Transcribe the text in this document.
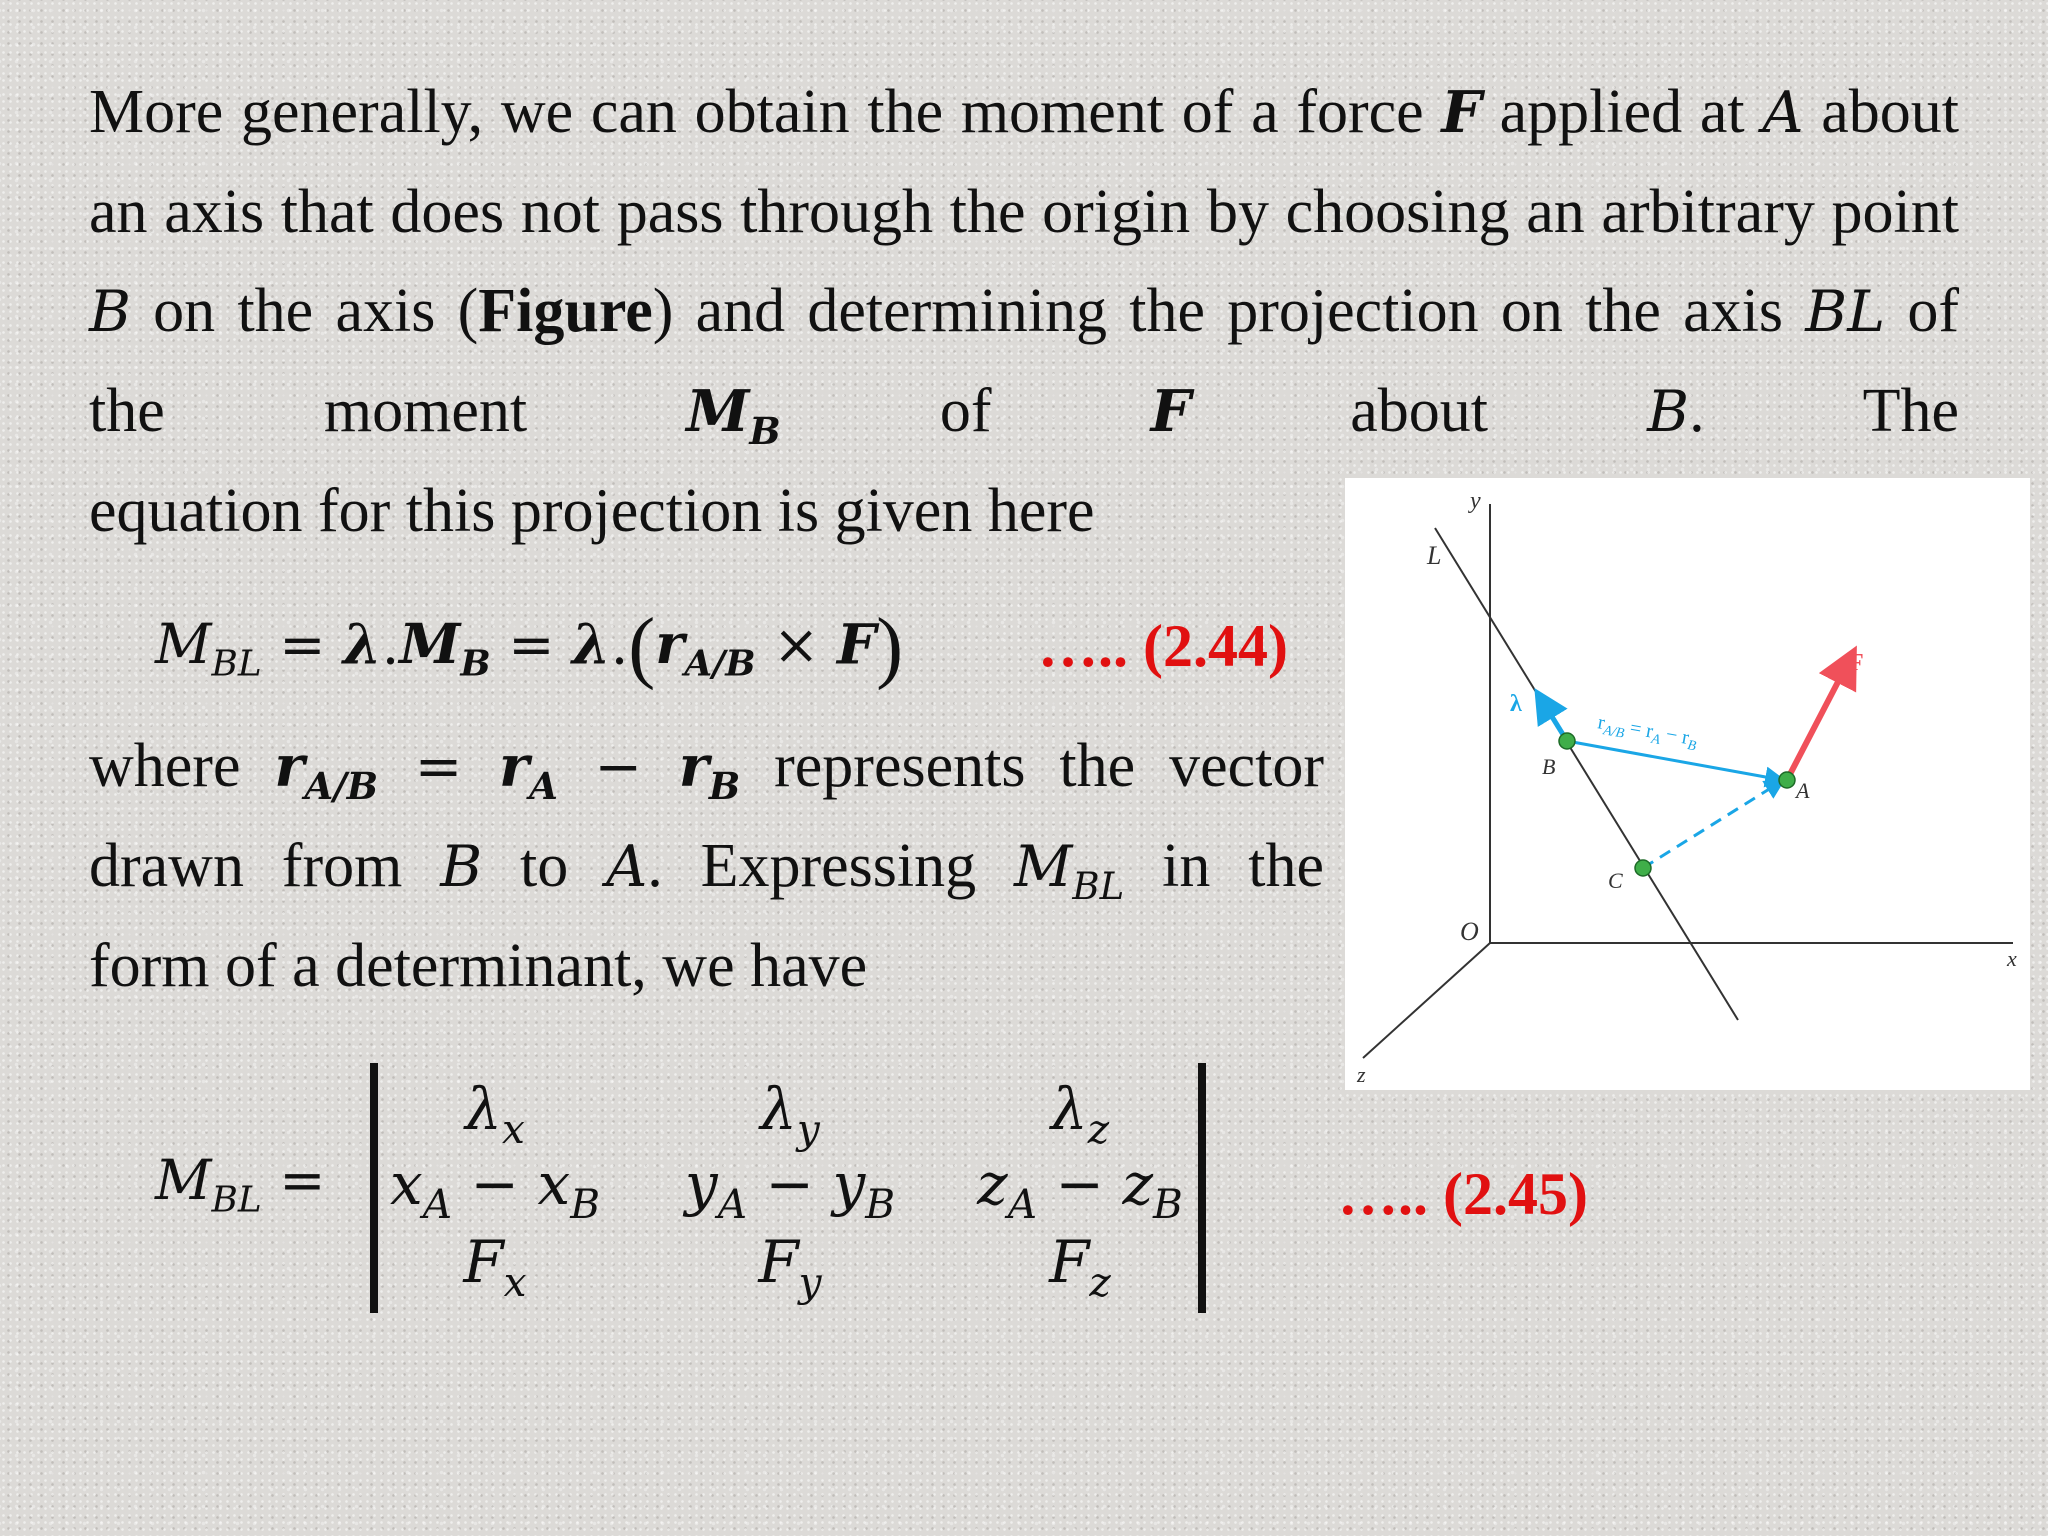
More generally, we can obtain the moment of a force F applied at A about an axis that does not pass through the origin by choosing an arbitrary point B on the axis (Figure) and determining the projection on the axis BL of the moment $M_B$ of F about B. The
equation for this projection is given here

$M_{BL} = \lambda.M_B = \lambda.(r_{A/B} \times F)$ ….. (2.44)

where $r_{A/B} = r_A - r_B$ represents the vector drawn from B to A. Expressing $M_{BL}$ in the
form of a determinant, we have

$M_{BL}$ =
$\lambda_x$	$\lambda_y$	$\lambda_z$
$x_A - x_B$	$y_A - y_B$	$z_A - z_B$
$F_x$	$F_y$	$F_z$
….. (2.45)
y
x
z
O
L
λ
$r_{A/B} = r_A - r_B$
F
B
A
C
